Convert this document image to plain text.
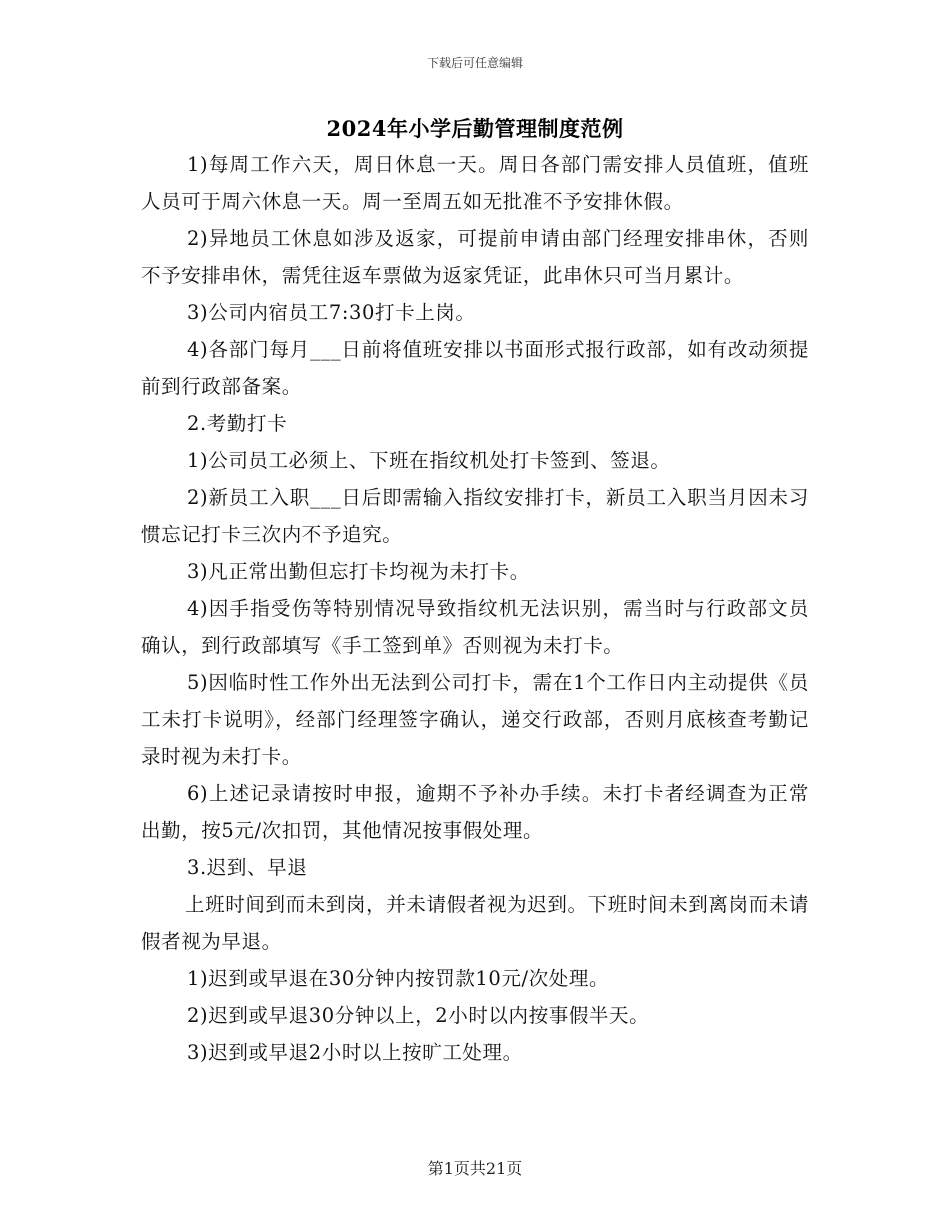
下载后可任意编辑
2024年小学后勤管理制度范例

1)每周工作六天，周日休息一天。周日各部门需安排人员值班，值班人员可于周六休息一天。周一至周五如无批准不予安排休假。

2)异地员工休息如涉及返家，可提前申请由部门经理安排串休，否则不予安排串休，需凭往返车票做为返家凭证，此串休只可当月累计。

3)公司内宿员工7:30打卡上岗。

4)各部门每月___日前将值班安排以书面形式报行政部，如有改动须提前到行政部备案。

2.考勤打卡

1)公司员工必须上、下班在指纹机处打卡签到、签退。

2)新员工入职___日后即需输入指纹安排打卡，新员工入职当月因未习惯忘记打卡三次内不予追究。

3)凡正常出勤但忘打卡均视为未打卡。

4)因手指受伤等特别情况导致指纹机无法识别，需当时与行政部文员确认，到行政部填写《手工签到单》否则视为未打卡。

5)因临时性工作外出无法到公司打卡，需在1个工作日内主动提供《员工未打卡说明》，经部门经理签字确认，递交行政部，否则月底核查考勤记录时视为未打卡。

6)上述记录请按时申报，逾期不予补办手续。未打卡者经调查为正常出勤，按5元/次扣罚，其他情况按事假处理。

3.迟到、早退

上班时间到而未到岗，并未请假者视为迟到。下班时间未到离岗而未请假者视为早退。

1)迟到或早退在30分钟内按罚款10元/次处理。

2)迟到或早退30分钟以上，2小时以内按事假半天。

3)迟到或早退2小时以上按旷工处理。

第1页共21页
